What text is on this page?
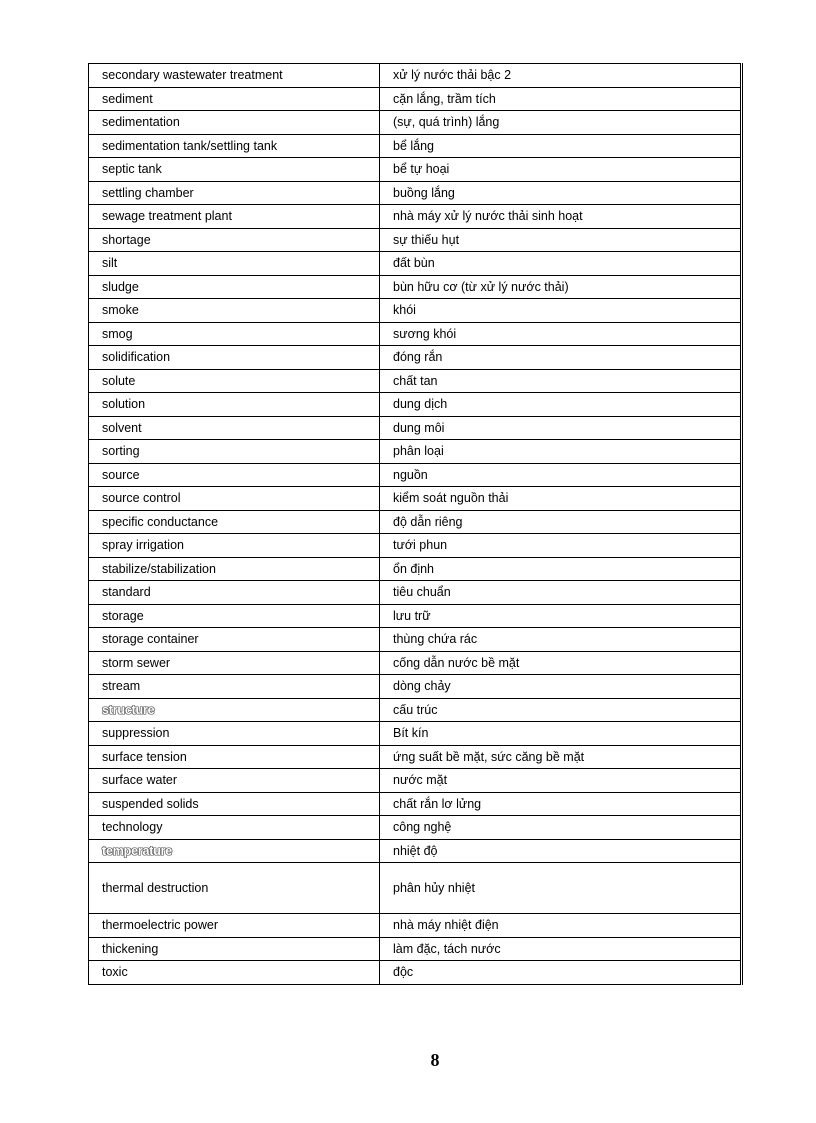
secondary wastewater treatment	xử lý nước thải bậc 2
sediment	cặn lắng, trầm tích
sedimentation	(sự, quá trình) lắng
sedimentation tank/settling tank	bể lắng
septic tank	bể tự hoại
settling chamber	buồng lắng
sewage treatment plant	nhà máy xử lý nước thải sinh hoạt
shortage	sự thiếu hụt
silt	đất bùn
sludge	bùn hữu cơ (từ xử lý nước thải)
smoke	khói
smog	sương khói
solidification	đóng rắn
solute	chất tan
solution	dung dịch
solvent	dung môi
sorting	phân loại
source	nguồn
source control	kiểm soát nguồn thải
specific conductance	độ dẫn riêng
spray irrigation	tưới phun
stabilize/stabilization	ổn định
standard	tiêu chuẩn
storage	lưu trữ
storage container	thùng chứa rác
storm sewer	cống dẫn nước bề mặt
stream	dòng chảy
structure	cấu trúc
suppression	Bít kín
surface tension	ứng suất bề mặt, sức căng bề mặt
surface water	nước mặt
suspended solids	chất rắn lơ lửng
technology	công nghệ
temperature	nhiệt độ
thermal destruction	phân hủy nhiệt
thermoelectric power	nhà máy nhiệt điện
thickening	làm đặc, tách nước
toxic	độc
8
